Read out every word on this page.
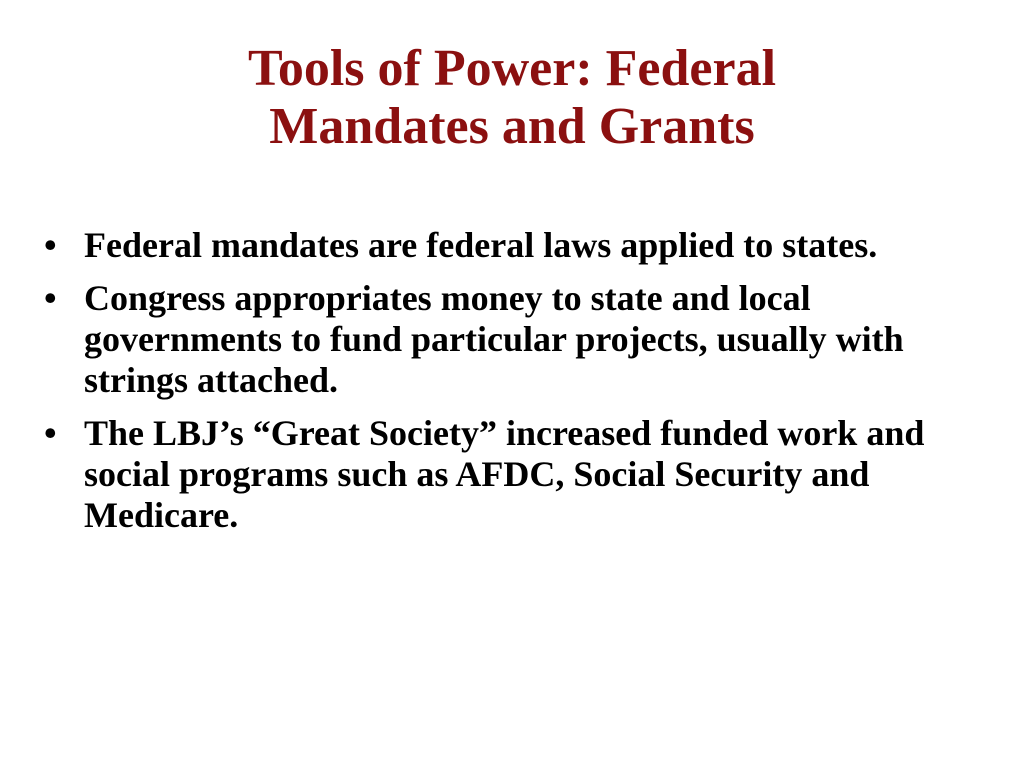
Tools of Power: Federal
Mandates and Grants
• Federal mandates are federal laws applied to states.
• Congress appropriates money to state and local governments to fund particular projects, usually with strings attached.
• The LBJ’s “Great Society” increased funded work and social programs such as AFDC, Social Security and Medicare.
